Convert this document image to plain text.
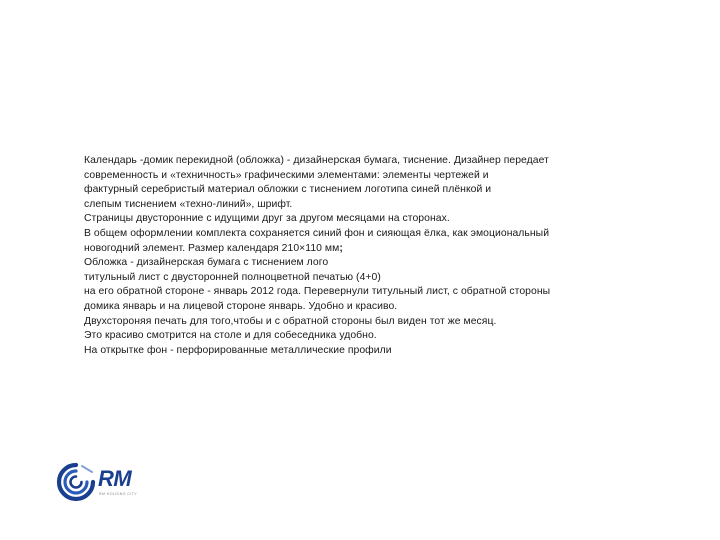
Календарь -домик перекидной (обложка) - дизайнерская бумага, тиснение. Дизайнер передает
современность и «техничность» графическими элементами: элементы чертежей и
фактурный серебристый материал обложки с тиснением логотипа синей плёнкой и
слепым тиснением «техно-линий», шрифт.
Страницы двусторонние с идущими друг за другом месяцами на сторонах.
В общем оформлении комплекта сохраняется синий фон и сияющая ёлка, как эмоциональный
новогодний элемент. Размер календаря 210×110 мм;
Обложка - дизайнерская бумага с тиснением лого
титульный лист с двусторонней полноцветной печатью (4+0)
на его обратной стороне - январь 2012 года. Перевернули титульный лист, с обратной стороны
домика январь и на лицевой стороне январь. Удобно и красиво.
Двухстороняя печать для того,чтобы и с обратной стороны был виден тот же месяц.
Это красиво смотрится на столе и для собеседника удобно.
На открытке фон - перфорированные металлические профили
RM
RM HOLDING CITY
